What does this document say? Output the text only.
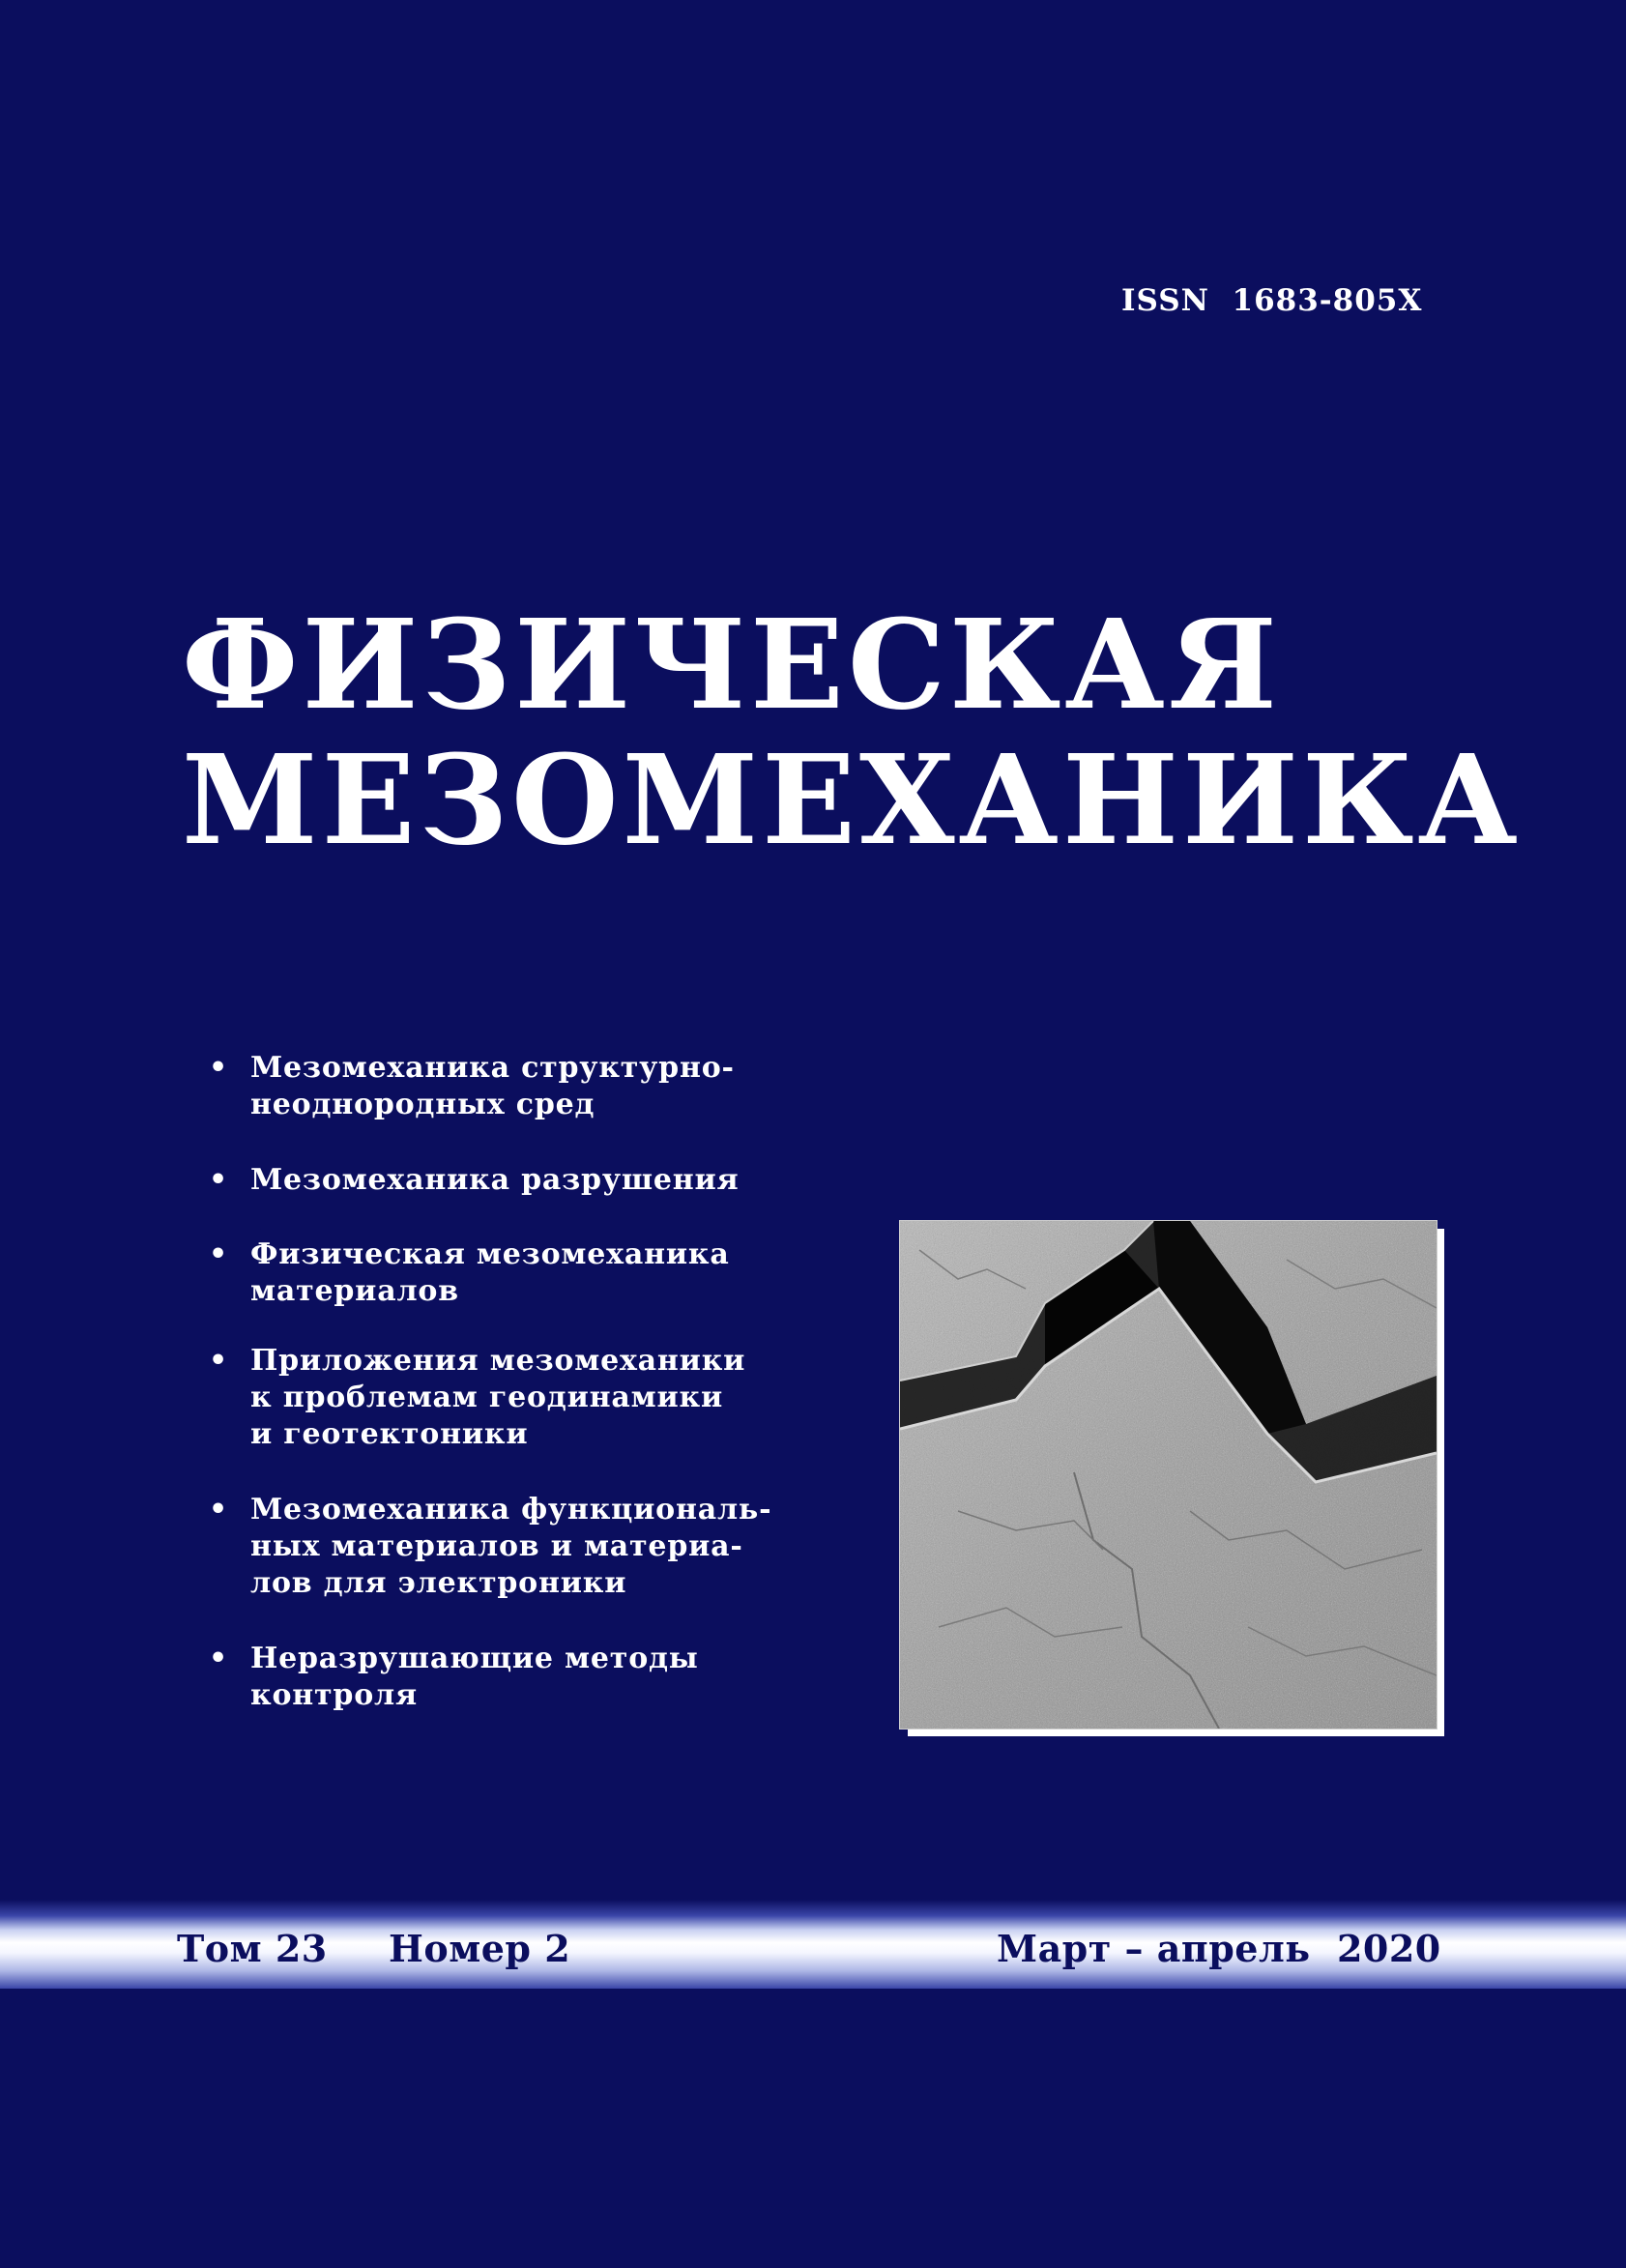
ISSN  1683-805X
ФИЗИЧЕСКАЯ
МЕЗОМЕХАНИКА
• Мезомеханика структурно-
неоднородных сред
• Мезомеханика разрушения
• Физическая мезомеханика
материалов
• Приложения мезомеханики
к проблемам геодинамики
и геотектоники
• Мезомеханика функциональ-
ных материалов и материа-
лов для электроники
• Неразрушающие методы
контроля
Том 23 Номер 2	Март – апрель  2020
